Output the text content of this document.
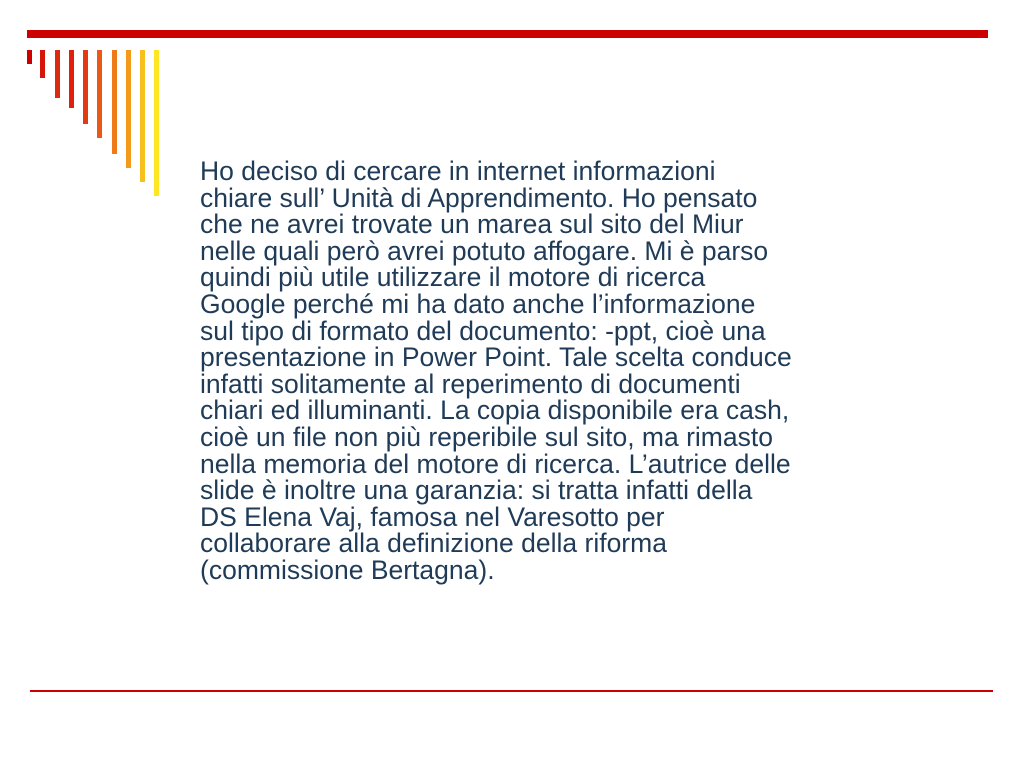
Ho deciso di cercare in internet informazioni
chiare sull’ Unità di Apprendimento. Ho pensato
che ne avrei trovate un marea sul sito del Miur
nelle quali però avrei potuto affogare. Mi è parso
quindi più utile utilizzare il motore di ricerca
Google perché mi ha dato anche l’informazione
sul tipo di formato del documento: -ppt, cioè una
presentazione in Power Point. Tale scelta conduce
infatti solitamente al reperimento di documenti
chiari ed illuminanti. La copia disponibile era cash,
cioè un file non più reperibile sul sito, ma rimasto
nella memoria del motore di ricerca. L’autrice delle
slide è inoltre una garanzia: si tratta infatti della
DS Elena Vaj, famosa nel Varesotto per
collaborare alla definizione della riforma
(commissione Bertagna).
